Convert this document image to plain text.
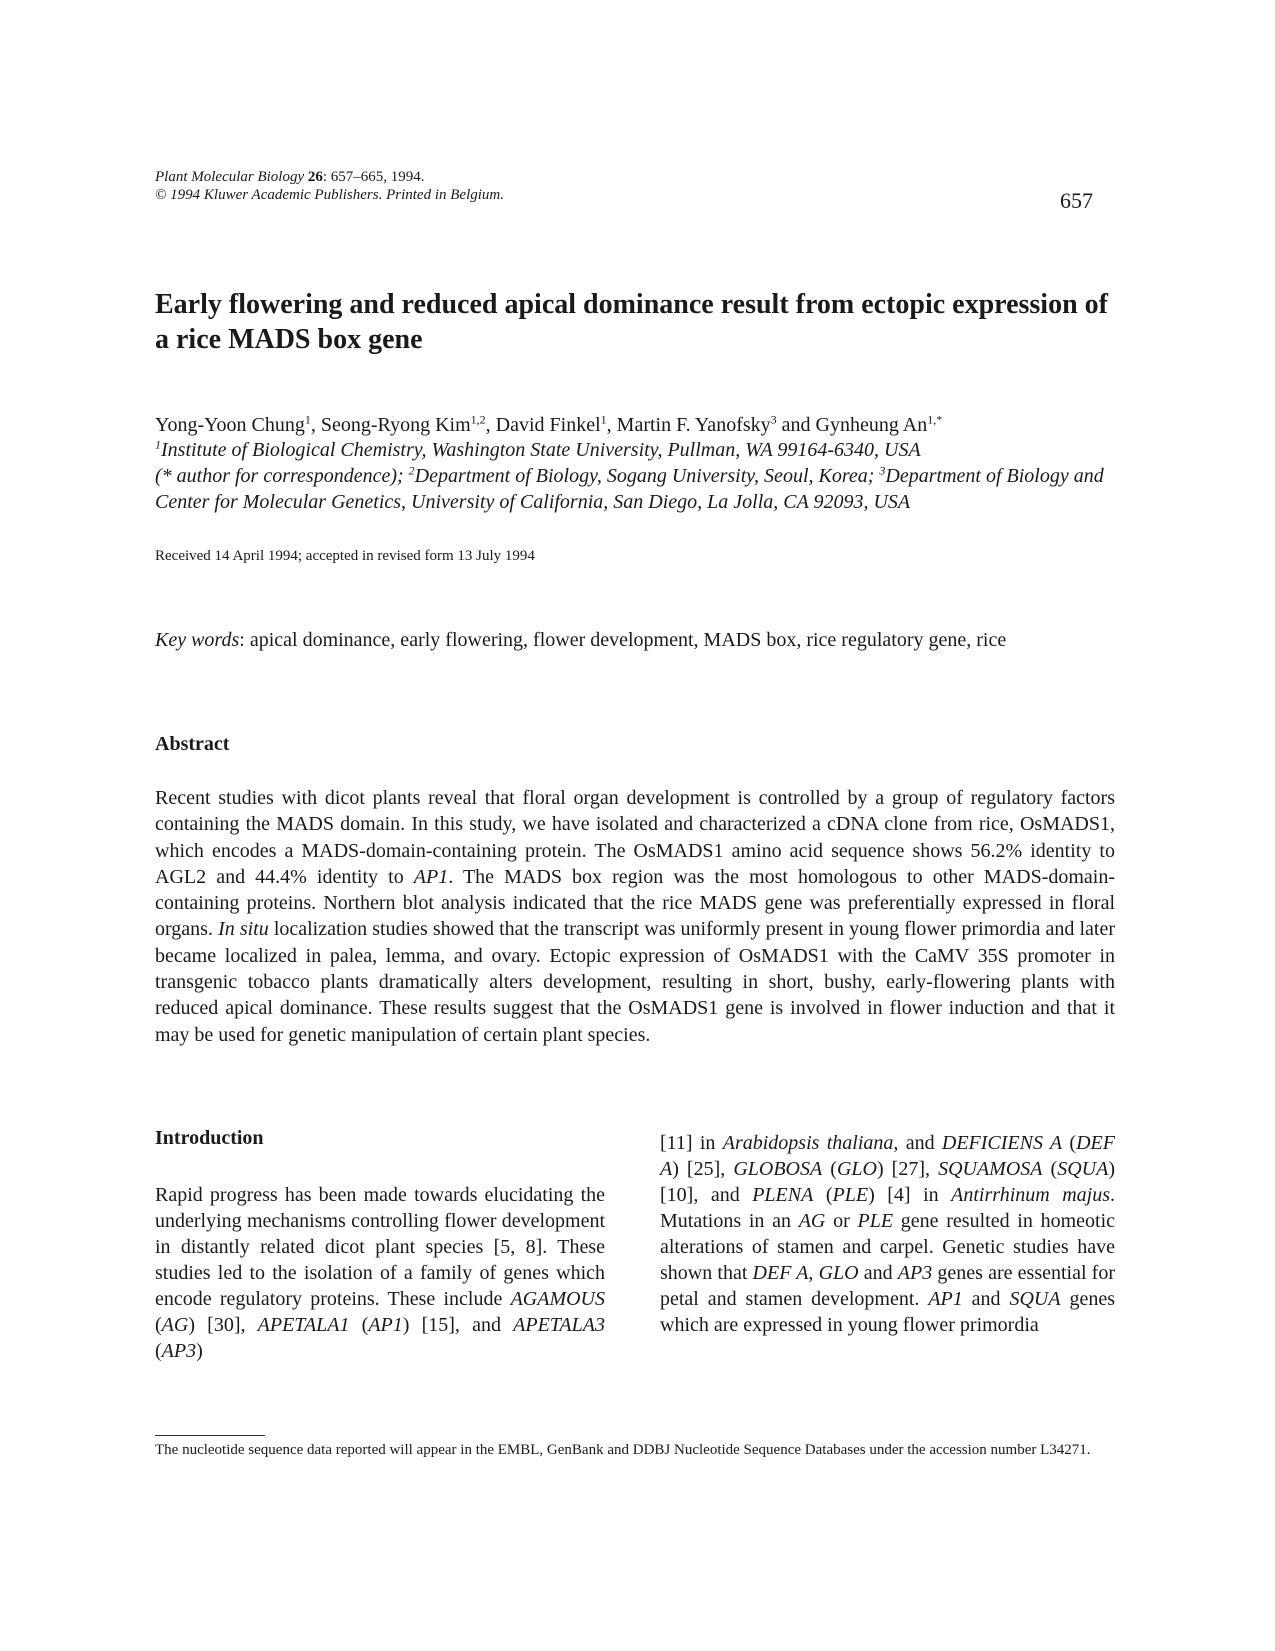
Plant Molecular Biology 26: 657–665, 1994.
© 1994 Kluwer Academic Publishers. Printed in Belgium.	657
Early flowering and reduced apical dominance result from ectopic expression of a rice MADS box gene
Yong-Yoon Chung$^1$, Seong-Ryong Kim$^{1,2}$, David Finkel$^1$, Martin F. Yanofsky$^3$ and Gynheung $An^{1,*}$
$^1$Institute of Biological Chemistry, Washington State University, Pullman, WA 99164-6340, USA
(* author for correspondence); $^2$Department of Biology, Sogang University, Seoul, Korea; $^3$Department of Biology and Center for Molecular Genetics, University of California, San Diego, La Jolla, CA 92093, USA
Received 14 April 1994; accepted in revised form 13 July 1994
Key words: apical dominance, early flowering, flower development, MADS box, rice regulatory gene, rice
Abstract
Recent studies with dicot plants reveal that floral organ development is controlled by a group of regulatory factors containing the MADS domain. In this study, we have isolated and characterized a cDNA clone from rice, OsMADS1, which encodes a MADS-domain-containing protein. The OsMADS1 amino acid sequence shows 56.2% identity to AGL2 and 44.4% identity to AP1. The MADS box region was the most homologous to other MADS-domain-containing proteins. Northern blot analysis indicated that the rice MADS gene was preferentially expressed in floral organs. In situ localization studies showed that the transcript was uniformly present in young flower primordia and later became localized in palea, lemma, and ovary. Ectopic expression of OsMADS1 with the CaMV 35S promoter in transgenic tobacco plants dramatically alters development, resulting in short, bushy, early-flowering plants with reduced apical dominance. These results suggest that the OsMADS1 gene is involved in flower induction and that it may be used for genetic manipulation of certain plant species.
Introduction
Rapid progress has been made towards elucidating the underlying mechanisms controlling flower development in distantly related dicot plant species [5, 8]. These studies led to the isolation of a family of genes which encode regulatory proteins. These include AGAMOUS (AG) [30], APETALA1 (AP1) [15], and APETALA3 (AP3)
[11] in Arabidopsis thaliana, and DEFICIENS A (DEF A) [25], GLOBOSA (GLO) [27], SQUAMOSA (SQUA) [10], and PLENA (PLE) [4] in Antirrhinum majus. Mutations in an AG or PLE gene resulted in homeotic alterations of stamen and carpel. Genetic studies have shown that DEF A, GLO and AP3 genes are essential for petal and stamen development. AP1 and SQUA genes which are expressed in young flower primordia
The nucleotide sequence data reported will appear in the EMBL, GenBank and DDBJ Nucleotide Sequence Databases under the accession number L34271.
